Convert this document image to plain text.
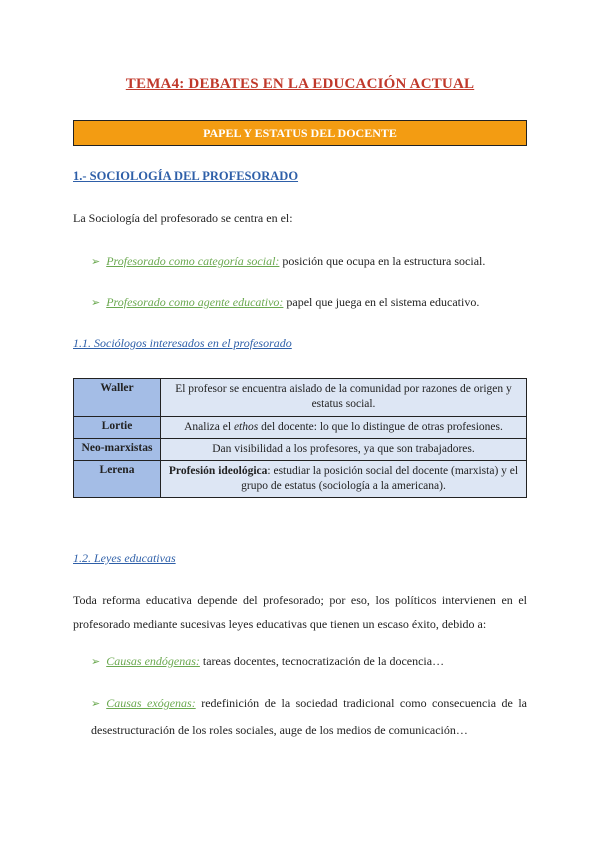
TEMA4: DEBATES EN LA EDUCACIÓN ACTUAL
PAPEL Y ESTATUS DEL DOCENTE
1.- SOCIOLOGÍA DEL PROFESORADO
La Sociología del profesorado se centra en el:
➢ Profesorado como categoría social: posición que ocupa en la estructura social.
➢ Profesorado como agente educativo: papel que juega en el sistema educativo.
1.1. Sociólogos interesados en el profesorado
Waller	El profesor se encuentra aislado de la comunidad por razones de origen y estatus social.
Lortie	Analiza el ethos del docente: lo que lo distingue de otras profesiones.
Neo-marxistas	Dan visibilidad a los profesores, ya que son trabajadores.
Lerena	Profesión ideológica: estudiar la posición social del docente (marxista) y el grupo de estatus (sociología a la americana).
1.2. Leyes educativas
Toda reforma educativa depende del profesorado; por eso, los políticos intervienen en el profesorado mediante sucesivas leyes educativas que tienen un escaso éxito, debido a:
➢ Causas endógenas: tareas docentes, tecnocratización de la docencia…
➢ Causas exógenas: redefinición de la sociedad tradicional como consecuencia de la desestructuración de los roles sociales, auge de los medios de comunicación…
